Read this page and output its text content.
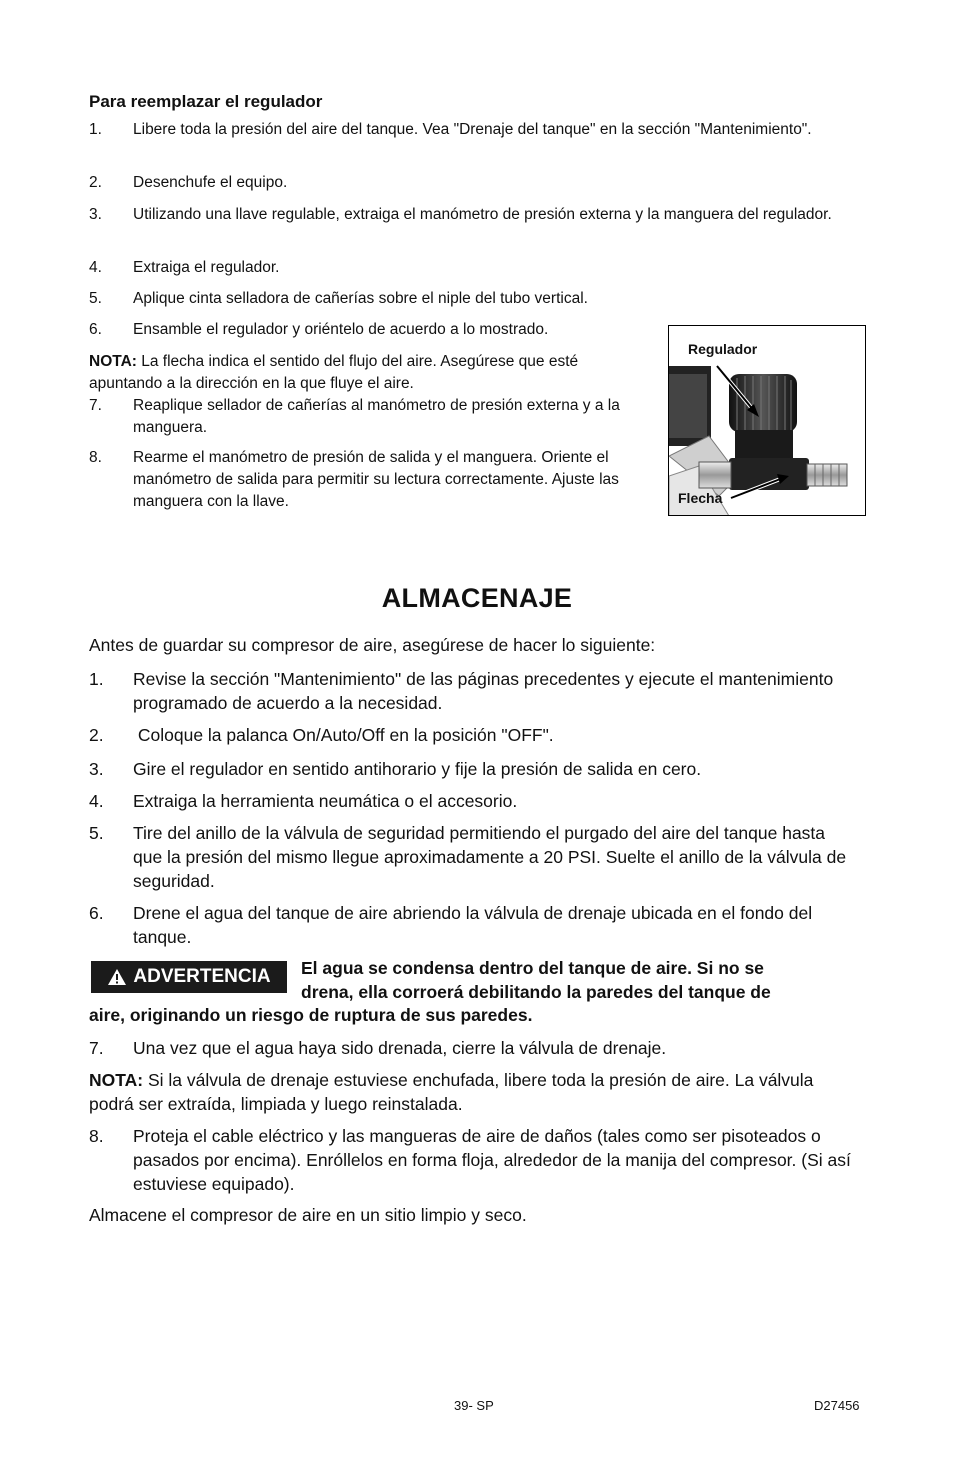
Para reemplazar el regulador
1. Libere toda la presión del aire del tanque. Vea "Drenaje del tanque" en la sección "Mantenimiento".
2. Desenchufe el equipo.
3. Utilizando una llave regulable, extraiga el manómetro de presión externa y la manguera del regulador.
4. Extraiga el regulador.
5. Aplique cinta selladora de cañerías sobre el niple del tubo vertical.
6. Ensamble el regulador y oriéntelo de acuerdo a lo mostrado.
NOTA: La flecha indica el sentido del flujo del aire. Asegúrese que esté apuntando a la dirección en la que fluye el aire.
7. Reaplique sellador de cañerías al manómetro de presión externa y a la manguera.
8. Rearme el manómetro de presión de salida y el manguera. Oriente el manómetro de salida para permitir su lectura correctamente. Ajuste las manguera con la llave.
Regulador
Flecha
ALMACENAJE
Antes de guardar su compresor de aire, asegúrese de hacer lo siguiente:
1. Revise la sección "Mantenimiento" de las páginas precedentes y ejecute el mantenimiento programado de acuerdo a la necesidad.
2. Coloque la palanca On/Auto/Off en la posición "OFF".
3. Gire el regulador en sentido antihorario y fije la presión de salida en cero.
4. Extraiga la herramienta neumática o el accesorio.
5. Tire del anillo de la válvula de seguridad permitiendo el purgado del aire del tanque hasta que la presión del mismo llegue aproximadamente a 20 PSI. Suelte el anillo de la válvula de seguridad.
6. Drene el agua del tanque de aire abriendo la válvula de drenaje ubicada en el fondo del tanque.
ADVERTENCIA El agua se condensa dentro del tanque de aire. Si no se
drena, ella corroerá debilitando la paredes del tanque de
aire, originando un riesgo de ruptura de sus paredes.
7. Una vez que el agua haya sido drenada, cierre la válvula de drenaje.
NOTA: Si la válvula de drenaje estuviese enchufada, libere toda la presión de aire. La válvula podrá ser extraída, limpiada y luego reinstalada.
8. Proteja el cable eléctrico y las mangueras de aire de daños (tales como ser pisoteados o pasados por encima). Enróllelos en forma floja, alrededor de la manija del compresor. (Si así estuviese equipado).
Almacene el compresor de aire en un sitio limpio y seco.
39- SP	D27456
